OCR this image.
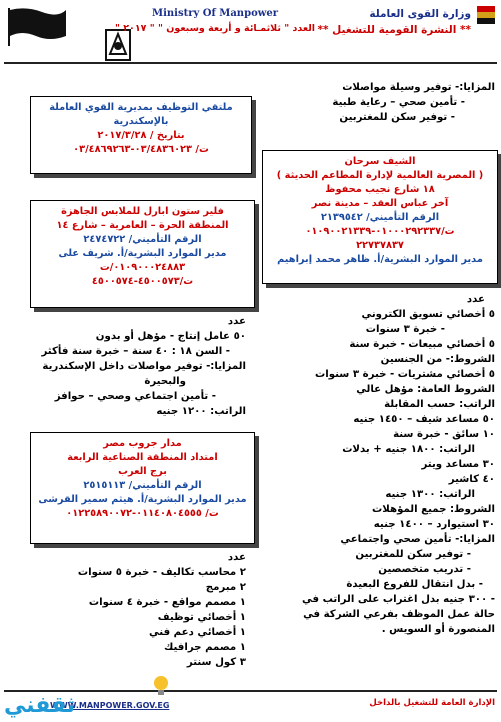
Ministry Of Manpower
العدد " ثلاثمـائة و أربعة وسبعون " " ٢٠١٧ "
وزارة القوى العاملة
** النشرة القومية للتشغيل **
المزايا:- توفير وسيلة مواصلات
- تأمين صحي – رعاية طبية
- توفير سكن للمغتربين
ملتقي التوظيف بمديرية القوي العاملة
بالإسكندرية
بتاريخ / ٢٠١٧/٣/٢٨
ت/ ٠٣/٤٨٣٦٠٢٣-٠٣/٤٨٦٩٢٦٣
الشيف سرحان
( المصرية العالمية لإدارة المطاعم الحديثة )
١٨ شارع نجيب محفوظ
آخر عباس العقد – مدينة نصر
الرقم التأميني/ ٢١٣٩٥٤٢
ت/٠١٠٠٠٢٩٢٣٣٧-٠١٠٩٠٠٢١٣٣٩
٢٢٧٣٧٨٣٧
مدير الموارد البشرية/أ. ظاهر محمد إبراهيم
فلير ستون ابارل للملابس الجاهزة
المنطقة الحرة – العامرية – شارع ١٤
الرقم التأميني/ ٢٤٧٤٧٢٢
مدير الموارد البشرية/أ. شريف على
٠١٠٩٠٠٠٢٤٨٨٣/ت
ت/٤٥٠٠٥٧٣-٤٥٠٠٥٧٤
مدار جروب مصر
امتداد المنطقة الصناعية الرابعة
برج العرب
الرقم التأميني/ ٢٥١٥١١٣
مدير الموارد البشرية/أ. هيثم سمير القرشى
ت/ ٠١١٤٠٨٠٤٥٥٥-٠١٢٢٥٨٩٠٠٧٢
عدد
٥ أخصائي تسويق الكتروني
- خبرة ٣ سنوات
٥ أخصائي مبيعات - خبرة سنة
الشروط:- من الجنسين
٥ أخصائي مشتريات - خبرة ٣ سنوات
الشروط العامة: مؤهل عالي
الراتب: حسب المقابلة
٥٠ مساعد شيف – ١٤٥٠ جنيه
١٠ سائق - خبرة سنة
الراتب: ١٨٠٠ جنيه + بدلات
٣٠ مساعد ويتر
٤٠ كاشير
الراتب: ١٣٠٠ جنيه
الشروط: جميع المؤهلات
٣٠ استيوارد – ١٤٠٠ جنيه
المزايا:- تأمين صحي واجتماعي
- توفير سكن للمغتربين
- تدريب متخصصين
- بدل انتقال للفروع البعيدة
- ٣٠٠ جنيه بدل اغتراب على الراتب في
حالة عمل الموظف بفرعي الشركة في
المنصورة أو السويس .
عدد
٥٠ عامل إنتاج - مؤهل أو بدون
- السن ١٨ : ٤٠ سنة – خبرة سنة فأكثر
المزايا:- توفير مواصلات داخل الإسكندرية
والبحيرة
- تأمين اجتماعي وصحي – حوافز
الراتب: ١٢٠٠ جنيه
عدد
٢ محاسب تكاليف - خبرة ٥ سنوات
٢ مبرمج
١ مصمم مواقع - خبرة ٤ سنوات
١ أخصائي توظيف
١ أخصائي دعم فني
١ مصمم جرافيك
٣ كول سنتر
الإدارة العامة للتشغيل بالداخل
WWW.MANPOWER.GOV.EG
ثقفني
